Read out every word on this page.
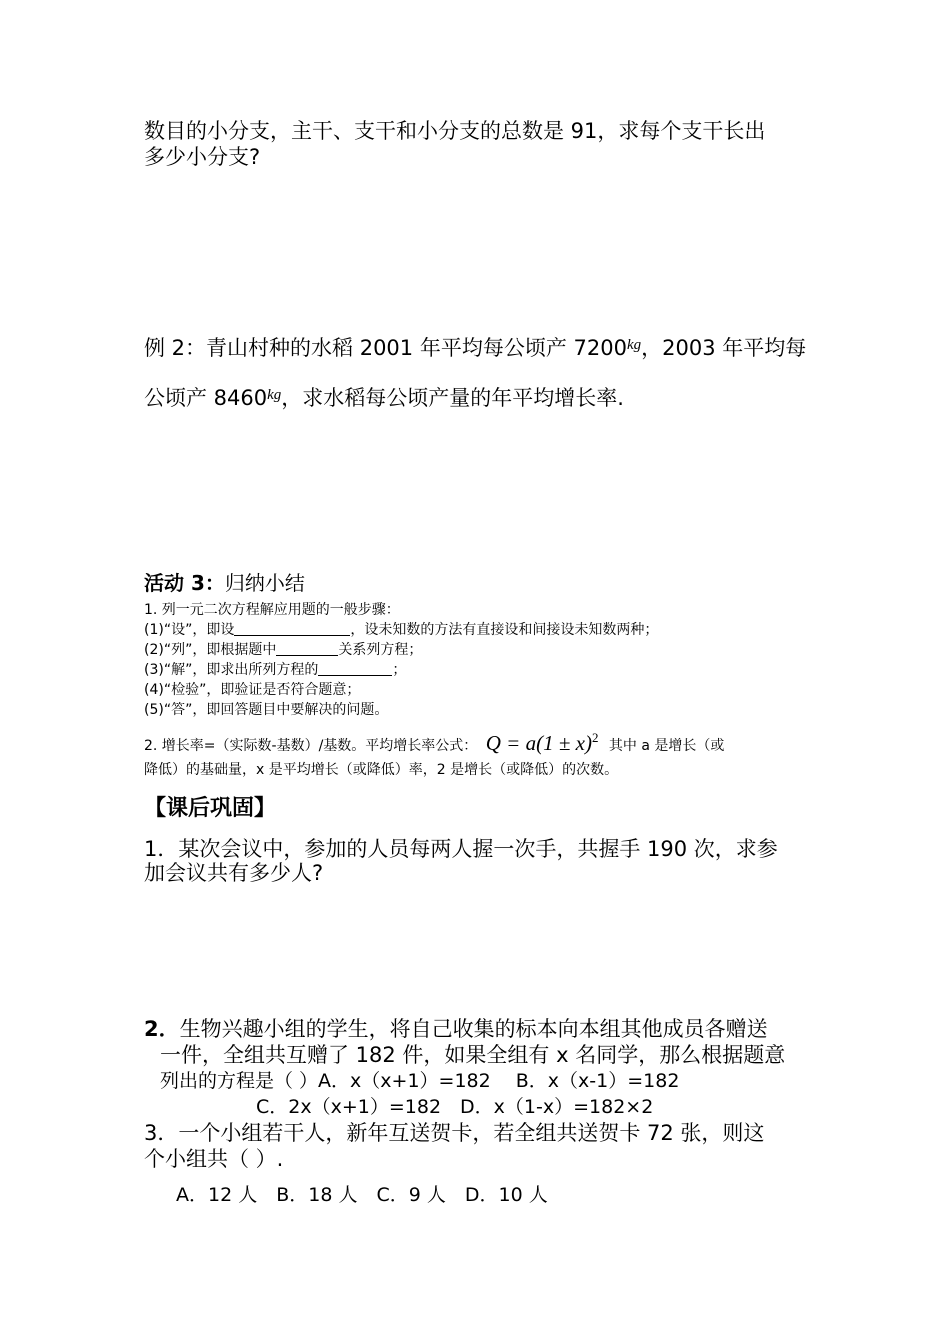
数目的小分支，主干、支干和小分支的总数是 91，求每个支干长出
多少小分支?
例 2：青山村种的水稻 2001 年平均每公顷产 $7200^{kg}$，2003 年平均每
公顷产 $8460^{kg}$，求水稻每公顷产量的年平均增长率.
活动 3：归纳小结
1. 列一元二次方程解应用题的一般步骤：
(1)“设”，即设	，设未知数的方法有直接设和间接设未知数两种；
(2)“列”，即根据题中	关系列方程；
(3)“解”，即求出所列方程的	；
(4)“检验”，即验证是否符合题意；
(5)“答”，即回答题目中要解决的问题。
2. 增长率=（实际数-基数）/基数。平均增长率公式： $Q = a(1 \pm x)^2$ 其中 a 是增长（或
降低）的基础量，x 是平均增长（或降低）率，2 是增长（或降低）的次数。
【课后巩固】
1．某次会议中，参加的人员每两人握一次手，共握手 190 次，求参
加会议共有多少人?
2．生物兴趣小组的学生，将自己收集的标本向本组其他成员各赠送
一件，全组共互赠了 182 件，如果全组有 x 名同学，那么根据题意
列出的方程是（ ）A．x（x+1）=182　 B．x（x-1）=182
C．2x（x+1）=182　D．x（1-x）=182×2
3．一个小组若干人，新年互送贺卡，若全组共送贺卡 72 张，则这
个小组共（ ）.
A．12 人　B．18 人　C．9 人　D．10 人
